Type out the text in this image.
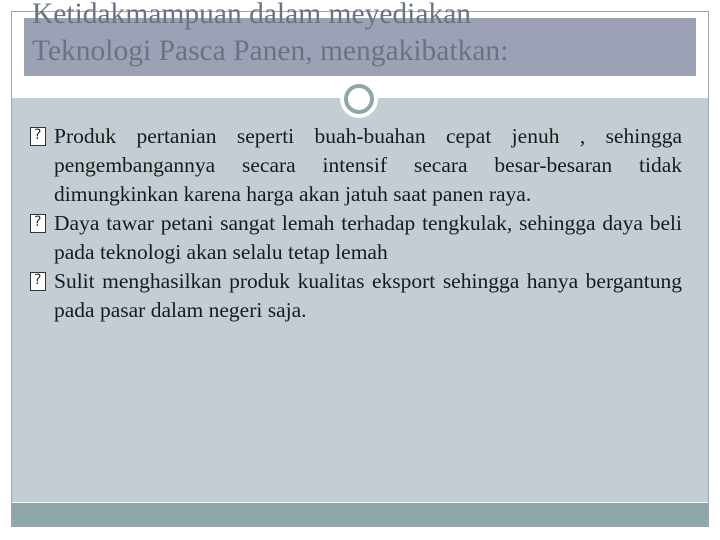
Ketidakmampuan dalam meyediakan
Teknologi Pasca Panen, mengakibatkan:
?
Produk pertanian seperti buah-buahan cepat jenuh , sehingga pengembangannya secara intensif secara besar-besaran tidak dimungkinkan karena harga akan jatuh saat panen raya.
?
Daya tawar petani sangat lemah terhadap tengkulak, sehingga daya beli pada teknologi akan selalu tetap lemah
?
Sulit menghasilkan produk kualitas eksport sehingga hanya bergantung pada pasar dalam negeri saja.
